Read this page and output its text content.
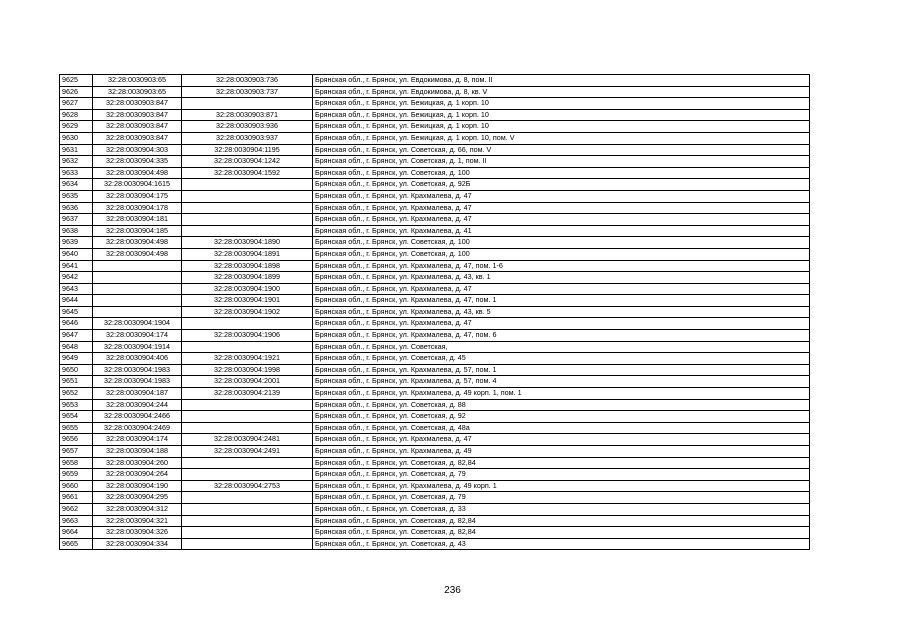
9625	32:28:0030903:65	32:28:0030903:736	Брянская обл., г. Брянск, ул. Евдокимова, д. 8, пом. II
9626	32:28:0030903:65	32:28:0030903:737	Брянская обл., г. Брянск, ул. Евдокимова, д. 8, кв. V
9627	32:28:0030903:847		Брянская обл., г. Брянск, ул. Бежицкая, д. 1 корп. 10
9628	32:28:0030903:847	32:28:0030903:871	Брянская обл., г. Брянск, ул. Бежицкая, д. 1 корп. 10
9629	32:28:0030903:847	32:28:0030903:936	Брянская обл., г. Брянск, ул. Бежицкая, д. 1 корп. 10
9630	32:28:0030903:847	32:28:0030903:937	Брянская обл., г. Брянск, ул. Бежицкая, д. 1 корп. 10, пом. V
9631	32:28:0030904:303	32:28:0030904:1195	Брянская обл., г. Брянск, ул. Советская, д. 66, пом. V
9632	32:28:0030904:335	32:28:0030904:1242	Брянская обл., г. Брянск, ул. Советская, д. 1, пом. II
9633	32:28:0030904:498	32:28:0030904:1592	Брянская обл., г. Брянск, ул. Советская, д. 100
9634	32:28:0030904:1615		Брянская обл., г. Брянск, ул. Советская, д. 92Б
9635	32:28:0030904:175		Брянская обл., г. Брянск, ул. Крахмалева, д. 47
9636	32:28:0030904:178		Брянская обл., г. Брянск, ул. Крахмалева, д. 47
9637	32:28:0030904:181		Брянская обл., г. Брянск, ул. Крахмалева, д. 47
9638	32:28:0030904:185		Брянская обл., г. Брянск, ул. Крахмалева, д. 41
9639	32:28:0030904:498	32:28:0030904:1890	Брянская обл., г. Брянск, ул. Советская, д. 100
9640	32:28:0030904:498	32:28:0030904:1891	Брянская обл., г. Брянск, ул. Советская, д. 100
9641		32:28:0030904:1898	Брянская обл., г. Брянск, ул. Крахмалева, д. 47, пом. 1-6
9642		32:28:0030904:1899	Брянская обл., г. Брянск, ул. Крахмалева, д. 43, кв. 1
9643		32:28:0030904:1900	Брянская обл., г. Брянск, ул. Крахмалева, д. 47
9644		32:28:0030904:1901	Брянская обл., г. Брянск, ул. Крахмалева, д. 47, пом. 1
9645		32:28:0030904:1902	Брянская обл., г. Брянск, ул. Крахмалева, д. 43, кв. 5
9646	32:28:0030904:1904		Брянская обл., г. Брянск, ул. Крахмалева, д. 47
9647	32:28:0030904:174	32:28:0030904:1906	Брянская обл., г. Брянск, ул. Крахмалева, д. 47, пом. 6
9648	32:28:0030904:1914		Брянская обл., г. Брянск, ул. Советская,
9649	32:28:0030904:406	32:28:0030904:1921	Брянская обл., г. Брянск, ул. Советская, д. 45
9650	32:28:0030904:1983	32:28:0030904:1998	Брянская обл., г. Брянск, ул. Крахмалева, д. 57, пом. 1
9651	32:28:0030904:1983	32:28:0030904:2001	Брянская обл., г. Брянск, ул. Крахмалева, д. 57, пом. 4
9652	32:28:0030904:187	32:28:0030904:2139	Брянская обл., г. Брянск, ул. Крахмалева, д. 49 корп. 1, пом. 1
9653	32:28:0030904:244		Брянская обл., г. Брянск, ул. Советская, д. 88
9654	32:28:0030904:2466		Брянская обл., г. Брянск, ул. Советская, д. 92
9655	32:28:0030904:2469		Брянская обл., г. Брянск, ул. Советская, д. 48а
9656	32:28:0030904:174	32:28:0030904:2481	Брянская обл., г. Брянск, ул. Крахмалева, д. 47
9657	32:28:0030904:188	32:28:0030904:2491	Брянская обл., г. Брянск, ул. Крахмалева, д. 49
9658	32:28:0030904:260		Брянская обл., г. Брянск, ул. Советская, д. 82,84
9659	32:28:0030904:264		Брянская обл., г. Брянск, ул. Советская, д. 79
9660	32:28:0030904:190	32:28:0030904:2753	Брянская обл., г. Брянск, ул. Крахмалева, д. 49 корп. 1
9661	32:28:0030904:295		Брянская обл., г. Брянск, ул. Советская, д. 79
9662	32:28:0030904:312		Брянская обл., г. Брянск, ул. Советская, д. 33
9663	32:28:0030904:321		Брянская обл., г. Брянск, ул. Советская, д. 82,84
9664	32:28:0030904:326		Брянская обл., г. Брянск, ул. Советская, д. 82,84
9665	32:28:0030904:334		Брянская обл., г. Брянск, ул. Советская, д. 43
236
